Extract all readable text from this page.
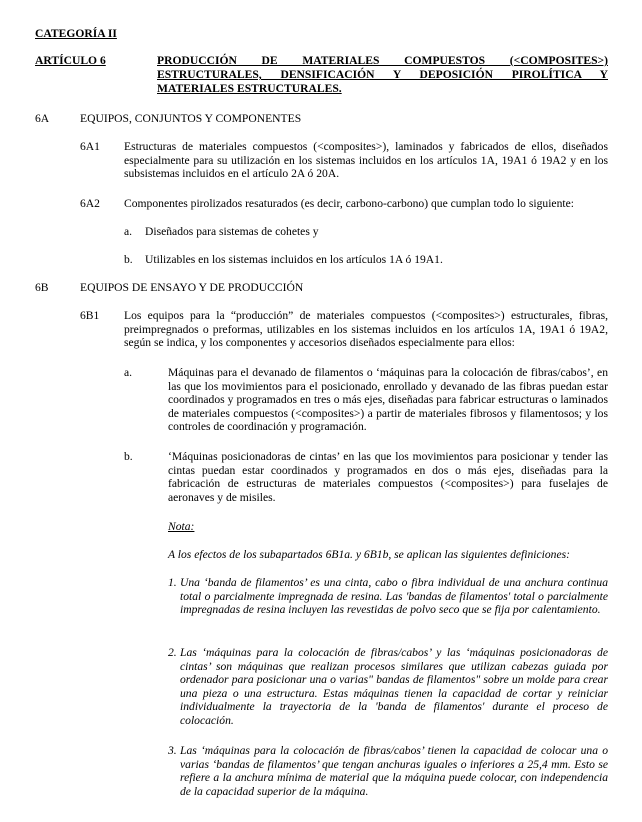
CATEGORÍA II
ARTÍCULO 6	PRODUCCIÓN DE MATERIALES COMPUESTOS (<COMPOSITES>) ESTRUCTURALES, DENSIFICACIÓN Y DEPOSICIÓN PIROLÍTICA Y MATERIALES ESTRUCTURALES.
6A	EQUIPOS, CONJUNTOS Y COMPONENTES
6A1 Estructuras de materiales compuestos (<composites>), laminados y fabricados de ellos, diseñados especialmente para su utilización en los sistemas incluidos en los artículos 1A, 19A1 ó 19A2 y en los subsistemas incluidos en el artículo 2A ó 20A.
6A2 Componentes pirolizados resaturados (es decir, carbono-carbono) que cumplan todo lo siguiente:
a. Diseñados para sistemas de cohetes y
b. Utilizables en los sistemas incluidos en los artículos 1A ó 19A1.
6B	EQUIPOS DE ENSAYO Y DE PRODUCCIÓN
6B1 Los equipos para la “producción” de materiales compuestos (<composites>) estructurales, fibras, preimpregnados o preformas, utilizables en los sistemas incluidos en los artículos 1A, 19A1 ó 19A2, según se indica, y los componentes y accesorios diseñados especialmente para ellos:
a.	Máquinas para el devanado de filamentos o ‘máquinas para la colocación de fibras/cabos’, en las que los movimientos para el posicionado, enrollado y devanado de las fibras puedan estar coordinados y programados en tres o más ejes, diseñadas para fabricar estructuras o laminados de materiales compuestos (<composites>) a partir de materiales fibrosos y filamentosos; y los controles de coordinación y programación.
b.	‘Máquinas posicionadoras de cintas’ en las que los movimientos para posicionar y tender las cintas puedan estar coordinados y programados en dos o más ejes, diseñadas para la fabricación de estructuras de materiales compuestos (<composites>) para fuselajes de aeronaves y de misiles.
Nota:
A los efectos de los subapartados 6B1a. y 6B1b, se aplican las siguientes definiciones:
1. Una ‘banda de filamentos’ es una cinta, cabo o fibra individual de una anchura continua total o parcialmente impregnada de resina. Las 'bandas de filamentos' total o parcialmente impregnadas de resina incluyen las revestidas de polvo seco que se fija por calentamiento.
2. Las ‘máquinas para la colocación de fibras/cabos’ y las ‘máquinas posicionadoras de cintas’ son máquinas que realizan procesos similares que utilizan cabezas guiada por ordenador para posicionar una o varias" bandas de filamentos" sobre un molde para crear una pieza o una estructura. Estas máquinas tienen la capacidad de cortar y reiniciar individualmente la trayectoria de la 'banda de filamentos' durante el proceso de colocación.
3. Las ‘máquinas para la colocación de fibras/cabos’ tienen la capacidad de colocar una o varias ‘bandas de filamentos’ que tengan anchuras iguales o inferiores a 25,4 mm. Esto se refiere a la anchura mínima de material que la máquina puede colocar, con independencia de la capacidad superior de la máquina.
